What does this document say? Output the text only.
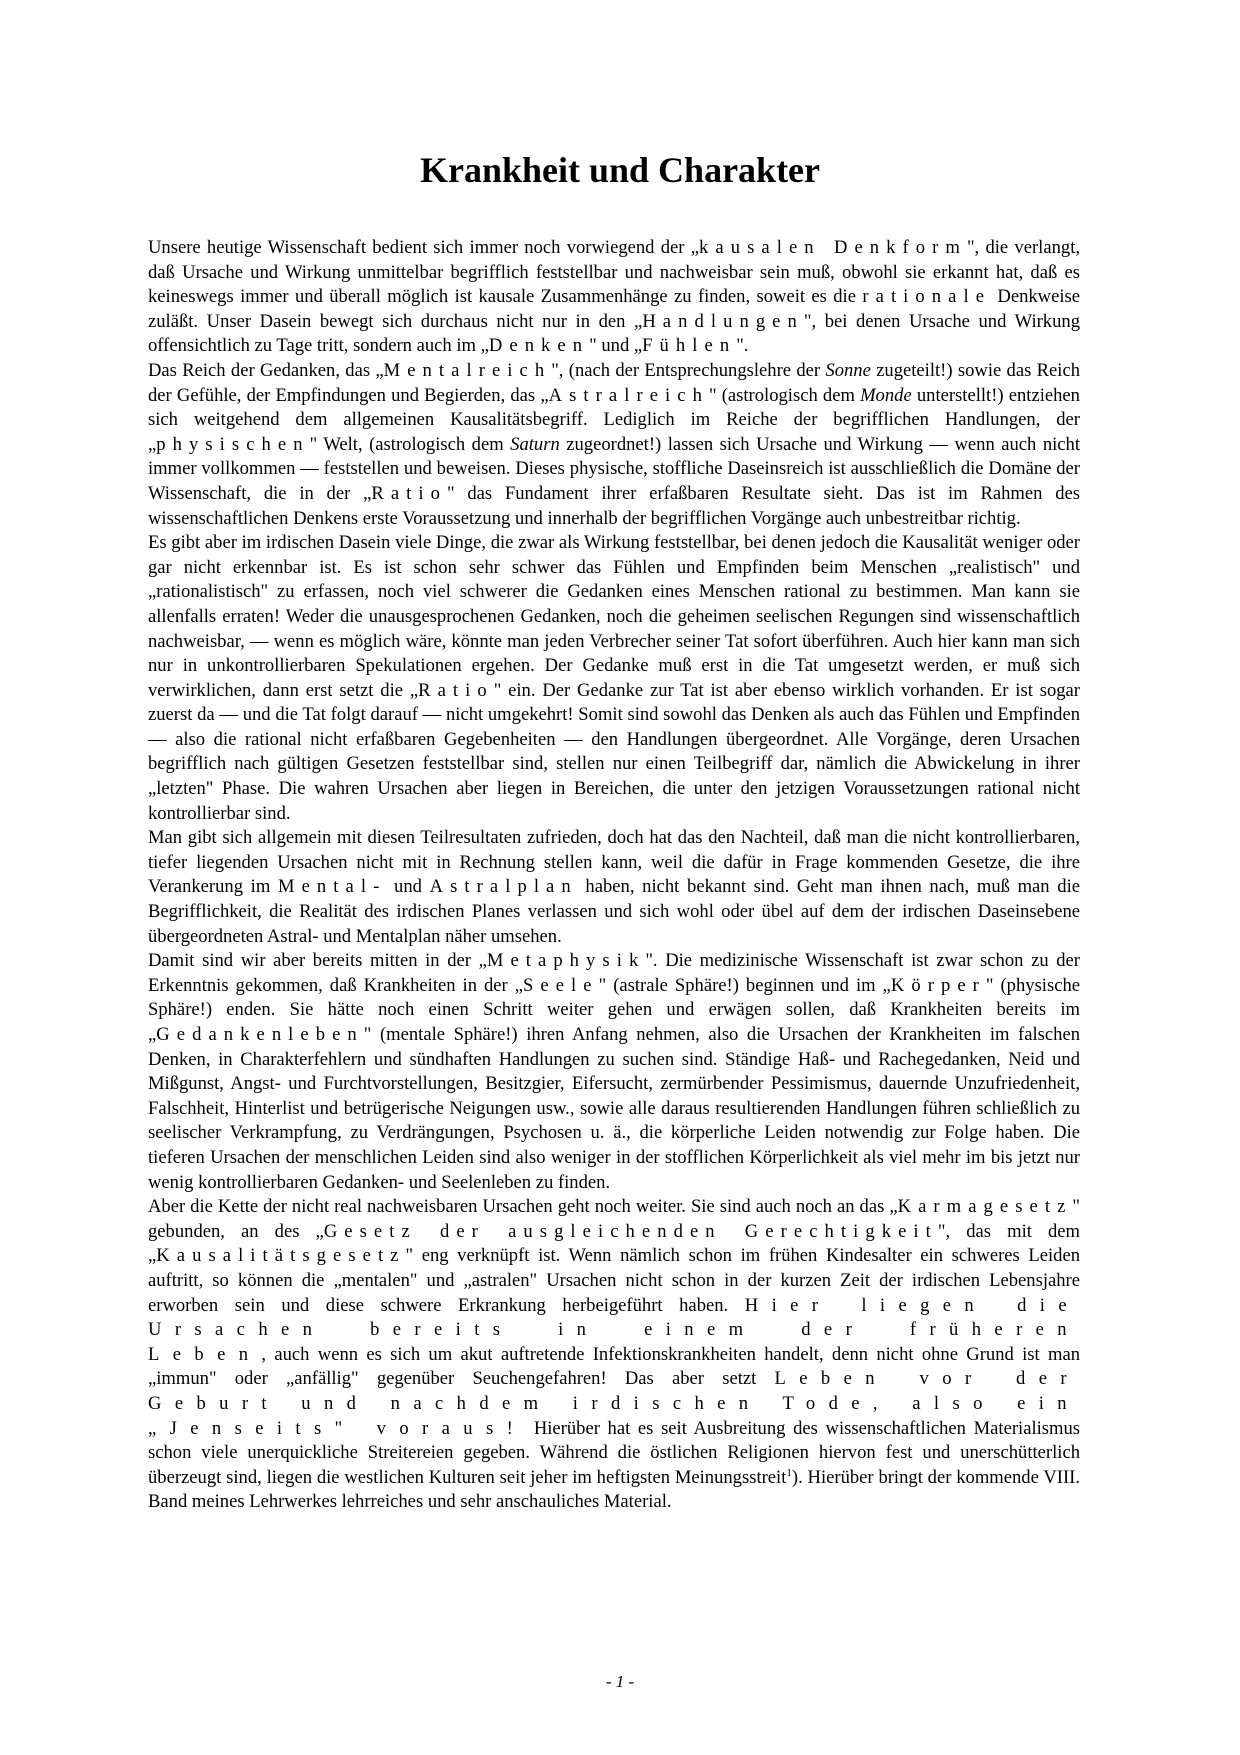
Krankheit und Charakter

Unsere heutige Wissenschaft bedient sich immer noch vorwiegend der „kausalen Denkform", die verlangt, daß Ursache und Wirkung unmittelbar begrifflich feststellbar und nachweisbar sein muß, obwohl sie erkannt hat, daß es keineswegs immer und überall möglich ist kausale Zusammenhänge zu finden, soweit es die rationale Denkweise zuläßt. Unser Dasein bewegt sich durchaus nicht nur in den „Handlungen", bei denen Ursache und Wirkung offensichtlich zu Tage tritt, sondern auch im „Denken" und „Fühlen".

Das Reich der Gedanken, das „Mentalreich", (nach der Entsprechungslehre der Sonne zugeteilt!) sowie das Reich der Gefühle, der Empfindungen und Begierden, das „Astralreich" (astrologisch dem Monde unterstellt!) entziehen sich weitgehend dem allgemeinen Kausalitätsbegriff. Lediglich im Reiche der begrifflichen Handlungen, der „physischen" Welt, (astrologisch dem Saturn zugeordnet!) lassen sich Ursache und Wirkung — wenn auch nicht immer vollkommen — feststellen und beweisen. Dieses physische, stoffliche Daseinsreich ist ausschließlich die Domäne der Wissenschaft, die in der „Ratio" das Fundament ihrer erfaßbaren Resultate sieht. Das ist im Rahmen des wissenschaftlichen Denkens erste Voraussetzung und innerhalb der begrifflichen Vorgänge auch unbestreitbar richtig.

Es gibt aber im irdischen Dasein viele Dinge, die zwar als Wirkung feststellbar, bei denen jedoch die Kausalität weniger oder gar nicht erkennbar ist. Es ist schon sehr schwer das Fühlen und Empfinden beim Menschen „realistisch" und „rationalistisch" zu erfassen, noch viel schwerer die Gedanken eines Menschen rational zu bestimmen. Man kann sie allenfalls erraten! Weder die unausgesprochenen Gedanken, noch die geheimen seelischen Regungen sind wissenschaftlich nachweisbar, — wenn es möglich wäre, könnte man jeden Verbrecher seiner Tat sofort überführen. Auch hier kann man sich nur in unkontrollierbaren Spekulationen ergehen. Der Gedanke muß erst in die Tat umgesetzt werden, er muß sich verwirklichen, dann erst setzt die „Ratio" ein. Der Gedanke zur Tat ist aber ebenso wirklich vorhanden. Er ist sogar zuerst da — und die Tat folgt darauf — nicht umgekehrt! Somit sind sowohl das Denken als auch das Fühlen und Empfinden — also die rational nicht erfaßbaren Gegebenheiten — den Handlungen übergeordnet. Alle Vorgänge, deren Ursachen begrifflich nach gültigen Gesetzen feststellbar sind, stellen nur einen Teilbegriff dar, nämlich die Abwickelung in ihrer „letzten" Phase. Die wahren Ursachen aber liegen in Bereichen, die unter den jetzigen Voraussetzungen rational nicht kontrollierbar sind.

Man gibt sich allgemein mit diesen Teilresultaten zufrieden, doch hat das den Nachteil, daß man die nicht kontrollierbaren, tiefer liegenden Ursachen nicht mit in Rechnung stellen kann, weil die dafür in Frage kommenden Gesetze, die ihre Verankerung im Mental- und Astralplan haben, nicht bekannt sind. Geht man ihnen nach, muß man die Begrifflichkeit, die Realität des irdischen Planes verlassen und sich wohl oder übel auf dem der irdischen Daseinsebene übergeordneten Astral- und Mentalplan näher umsehen.

Damit sind wir aber bereits mitten in der „Metaphysik". Die medizinische Wissenschaft ist zwar schon zu der Erkenntnis gekommen, daß Krankheiten in der „Seele" (astrale Sphäre!) beginnen und im „Körper" (physische Sphäre!) enden. Sie hätte noch einen Schritt weiter gehen und erwägen sollen, daß Krankheiten bereits im „Gedankenleben" (mentale Sphäre!) ihren Anfang nehmen, also die Ursachen der Krankheiten im falschen Denken, in Charakterfehlern und sündhaften Handlungen zu suchen sind. Ständige Haß- und Rachegedanken, Neid und Mißgunst, Angst- und Furchtvorstellungen, Besitzgier, Eifersucht, zermürbender Pessimismus, dauernde Unzufriedenheit, Falschheit, Hinterlist und betrügerische Neigungen usw., sowie alle daraus resultierenden Handlungen führen schließlich zu seelischer Verkrampfung, zu Verdrängungen, Psychosen u. ä., die körperliche Leiden notwendig zur Folge haben. Die tieferen Ursachen der menschlichen Leiden sind also weniger in der stofflichen Körperlichkeit als viel mehr im bis jetzt nur wenig kontrollierbaren Gedanken- und Seelenleben zu finden.

Aber die Kette der nicht real nachweisbaren Ursachen geht noch weiter. Sie sind auch noch an das „Karmagesetz" gebunden, an des „Gesetz der ausgleichenden Gerechtigkeit", das mit dem „Kausalitätsgesetz" eng verknüpft ist. Wenn nämlich schon im frühen Kindesalter ein schweres Leiden auftritt, so können die „mentalen" und „astralen" Ursachen nicht schon in der kurzen Zeit der irdischen Lebensjahre erworben sein und diese schwere Erkrankung herbeigeführt haben. Hier liegen die Ursachen bereits in einem der früheren Leben, auch wenn es sich um akut auftretende Infektionskrankheiten handelt, denn nicht ohne Grund ist man „immun" oder „anfällig" gegenüber Seuchengefahren! Das aber setzt Leben vor der Geburt und nachdem irdischen Tode, also ein „Jenseits" voraus! Hierüber hat es seit Ausbreitung des wissenschaftlichen Materialismus schon viele unerquickliche Streitereien gegeben. Während die östlichen Religionen hiervon fest und unerschütterlich überzeugt sind, liegen die westlichen Kulturen seit jeher im heftigsten Meinungsstreit$^1$). Hierüber bringt der kommende VIII. Band meines Lehrwerkes lehrreiches und sehr anschauliches Material.

- 1 -
